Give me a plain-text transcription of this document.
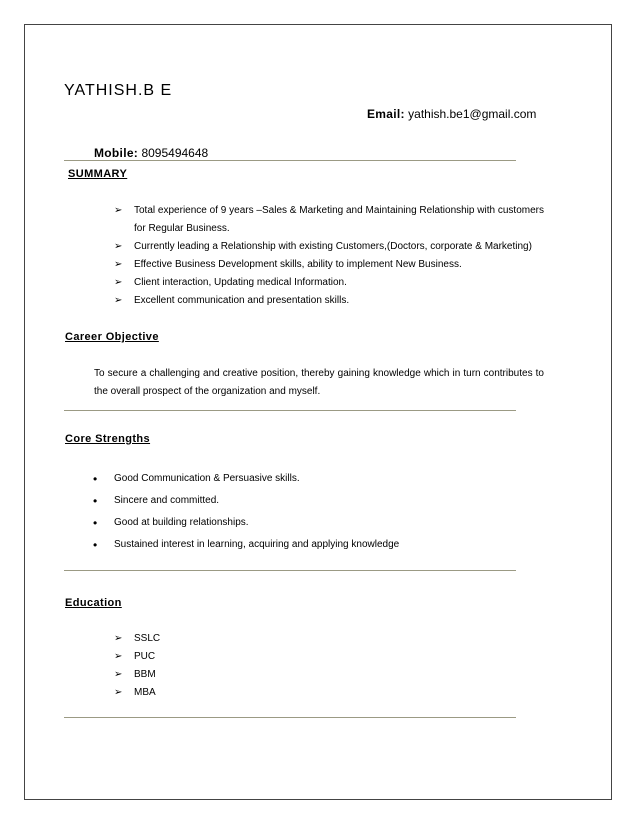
YATHISH.B E
Email: yathish.be1@gmail.com
Mobile: 8095494648
SUMMARY
➢ Total experience of 9 years –Sales & Marketing and Maintaining Relationship with customers for Regular Business.
➢ Currently leading a Relationship with existing Customers,(Doctors, corporate & Marketing)
➢ Effective Business Development skills, ability to implement New Business.
➢ Client interaction, Updating medical Information.
➢ Excellent communication and presentation skills.
Career Objective
To secure a challenging and creative position, thereby gaining knowledge which in turn contributes to the overall prospect of the organization and myself.
Core Strengths
• Good Communication & Persuasive skills.
• Sincere and committed.
• Good at building relationships.
• Sustained interest in learning, acquiring and applying knowledge
Education
➢ SSLC
➢ PUC
➢ BBM
➢ MBA
